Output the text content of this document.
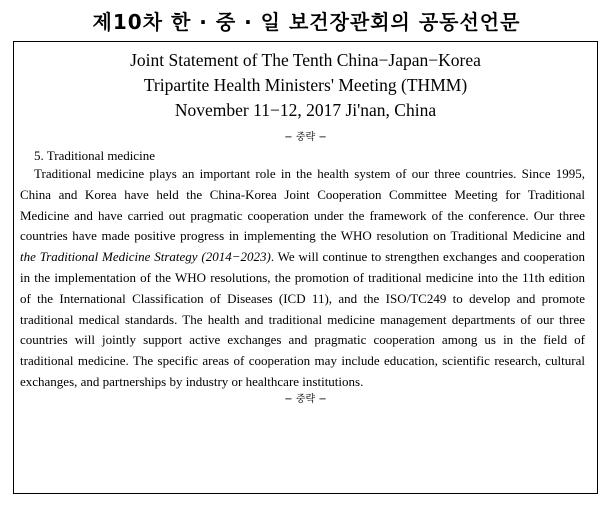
제10차 한 · 중 · 일 보건장관회의 공동선언문

Joint Statement of The Tenth China−Japan−Korea

Tripartite Health Ministers' Meeting (THMM)

November 11−12, 2017 Ji'nan, China

− 중략 −

5. Traditional medicine

Traditional medicine plays an important role in the health system of our three countries. Since 1995, China and Korea have held the China-Korea Joint Cooperation Committee Meeting for Traditional Medicine and have carried out pragmatic cooperation under the framework of the conference. Our three countries have made positive progress in implementing the WHO resolution on Traditional Medicine and the Traditional Medicine Strategy (2014−2023). We will continue to strengthen exchanges and cooperation in the implementation of the WHO resolutions, the promotion of traditional medicine into the 11th edition of the International Classification of Diseases (ICD 11), and the ISO/TC249 to develop and promote traditional medical standards. The health and traditional medicine management departments of our three countries will jointly support active exchanges and pragmatic cooperation among us in the field of traditional medicine. The specific areas of cooperation may include education, scientific research, cultural exchanges, and partnerships by industry or healthcare institutions.

− 중략 −
